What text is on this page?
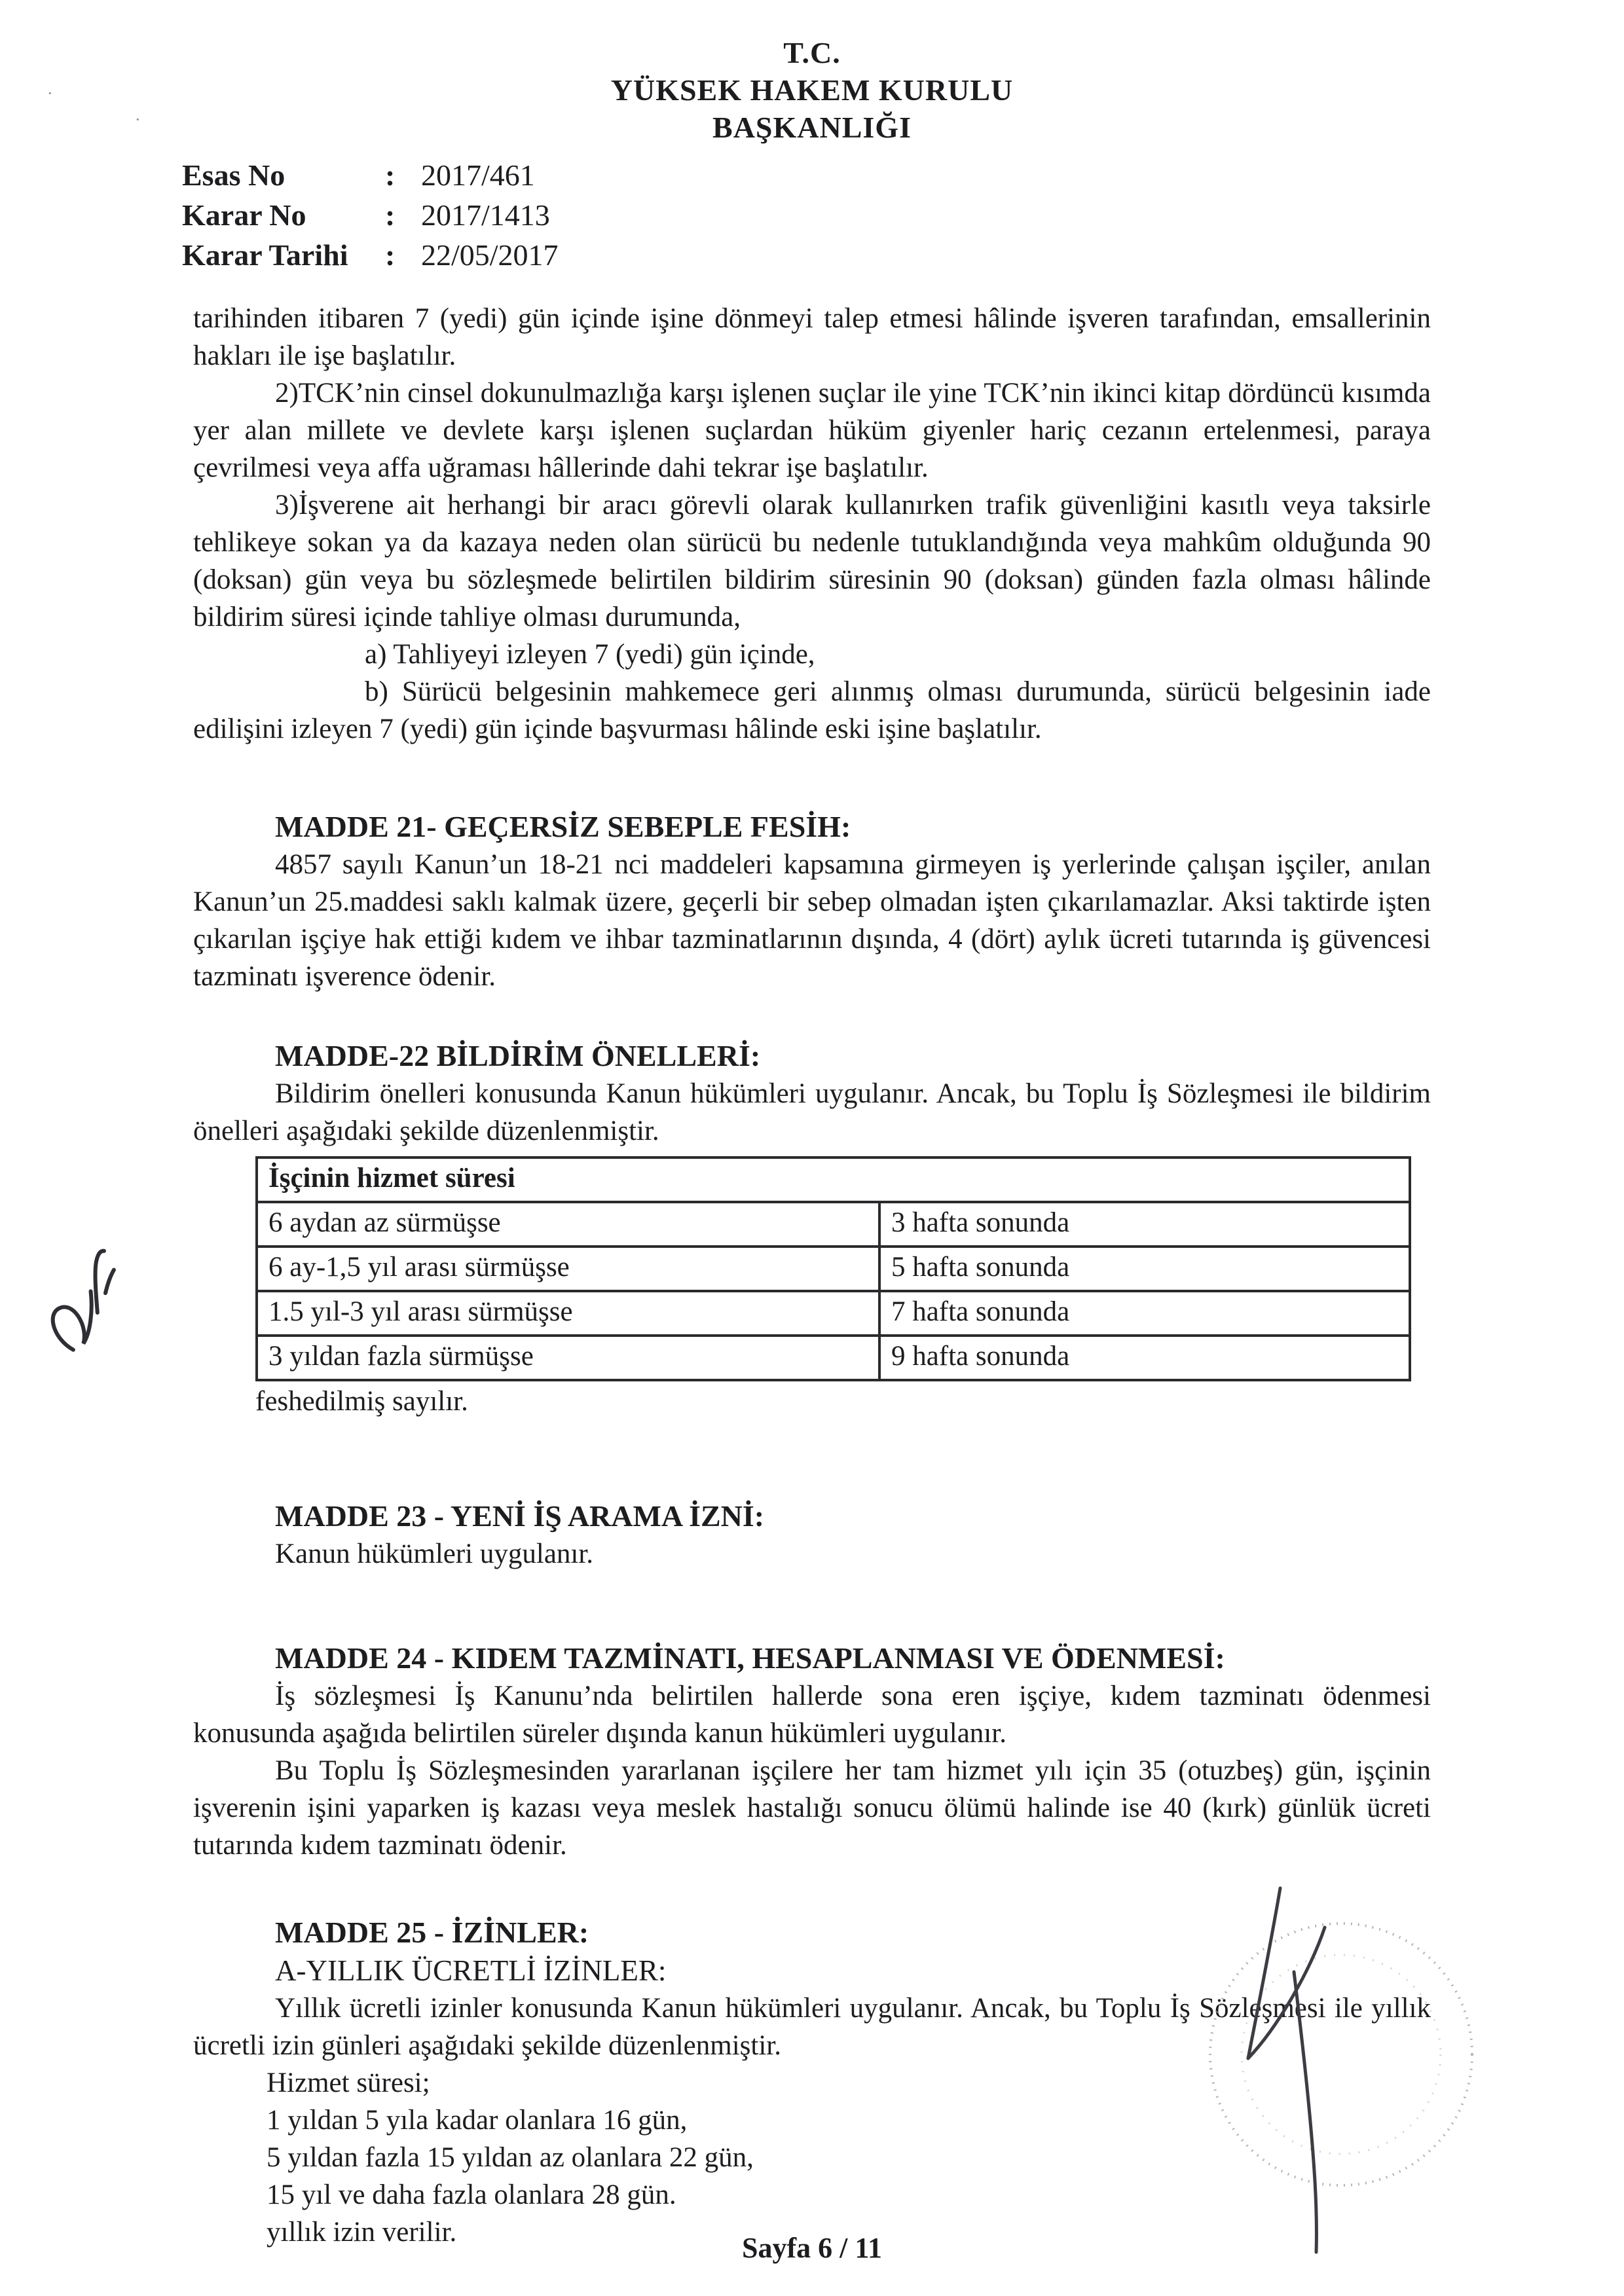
T.C.
YÜKSEK HAKEM KURULU
BAŞKANLIĞI
Esas No	: 2017/461
Karar No	: 2017/1413
Karar Tarihi	: 22/05/2017

tarihinden itibaren 7 (yedi) gün içinde işine dönmeyi talep etmesi hâlinde işveren tarafından, emsallerinin hakları ile işe başlatılır.

2)TCK’nin cinsel dokunulmazlığa karşı işlenen suçlar ile yine TCK’nin ikinci kitap dördüncü kısımda yer alan millete ve devlete karşı işlenen suçlardan hüküm giyenler hariç cezanın ertelenmesi, paraya çevrilmesi veya affa uğraması hâllerinde dahi tekrar işe başlatılır.

3)İşverene ait herhangi bir aracı görevli olarak kullanırken trafik güvenliğini kasıtlı veya taksirle tehlikeye sokan ya da kazaya neden olan sürücü bu nedenle tutuklandığında veya mahkûm olduğunda 90 (doksan) gün veya bu sözleşmede belirtilen bildirim süresinin 90 (doksan) günden fazla olması hâlinde bildirim süresi içinde tahliye olması durumunda,

a) Tahliyeyi izleyen 7 (yedi) gün içinde,

b) Sürücü belgesinin mahkemece geri alınmış olması durumunda, sürücü belgesinin iade edilişini izleyen 7 (yedi) gün içinde başvurması hâlinde eski işine başlatılır.

MADDE 21- GEÇERSİZ SEBEPLE FESİH:

4857 sayılı Kanun’un 18-21 nci maddeleri kapsamına girmeyen iş yerlerinde çalışan işçiler, anılan Kanun’un 25.maddesi saklı kalmak üzere, geçerli bir sebep olmadan işten çıkarılamazlar. Aksi taktirde işten çıkarılan işçiye hak ettiği kıdem ve ihbar tazminatlarının dışında, 4 (dört) aylık ücreti tutarında iş güvencesi tazminatı işverence ödenir.

MADDE-22 BİLDİRİM ÖNELLERİ:

Bildirim önelleri konusunda Kanun hükümleri uygulanır. Ancak, bu Toplu İş Sözleşmesi ile bildirim önelleri aşağıdaki şekilde düzenlenmiştir.

İşçinin hizmet süresi	
6 aydan az sürmüşse	3 hafta sonunda
6 ay-1,5 yıl arası sürmüşse	5 hafta sonunda
1.5 yıl-3 yıl arası sürmüşse	7 hafta sonunda
3 yıldan fazla sürmüşse	9 hafta sonunda

feshedilmiş sayılır.

MADDE 23 - YENİ İŞ ARAMA İZNİ:

Kanun hükümleri uygulanır.

MADDE 24 - KIDEM TAZMİNATI, HESAPLANMASI VE ÖDENMESİ:

İş sözleşmesi İş Kanunu’nda belirtilen hallerde sona eren işçiye, kıdem tazminatı ödenmesi konusunda aşağıda belirtilen süreler dışında kanun hükümleri uygulanır.

Bu Toplu İş Sözleşmesinden yararlanan işçilere her tam hizmet yılı için 35 (otuzbeş) gün, işçinin işverenin işini yaparken iş kazası veya meslek hastalığı sonucu ölümü halinde ise 40 (kırk) günlük ücreti tutarında kıdem tazminatı ödenir.

MADDE 25 - İZİNLER:

A-YILLIK ÜCRETLİ İZİNLER:

Yıllık ücretli izinler konusunda Kanun hükümleri uygulanır. Ancak, bu Toplu İş Sözleşmesi ile yıllık ücretli izin günleri aşağıdaki şekilde düzenlenmiştir.

Hizmet süresi;

1 yıldan 5 yıla kadar olanlara 16 gün,

5 yıldan fazla 15 yıldan az olanlara 22 gün,

15 yıl ve daha fazla olanlara 28 gün.

yıllık izin verilir.	Sayfa 6 / 11
·
·
